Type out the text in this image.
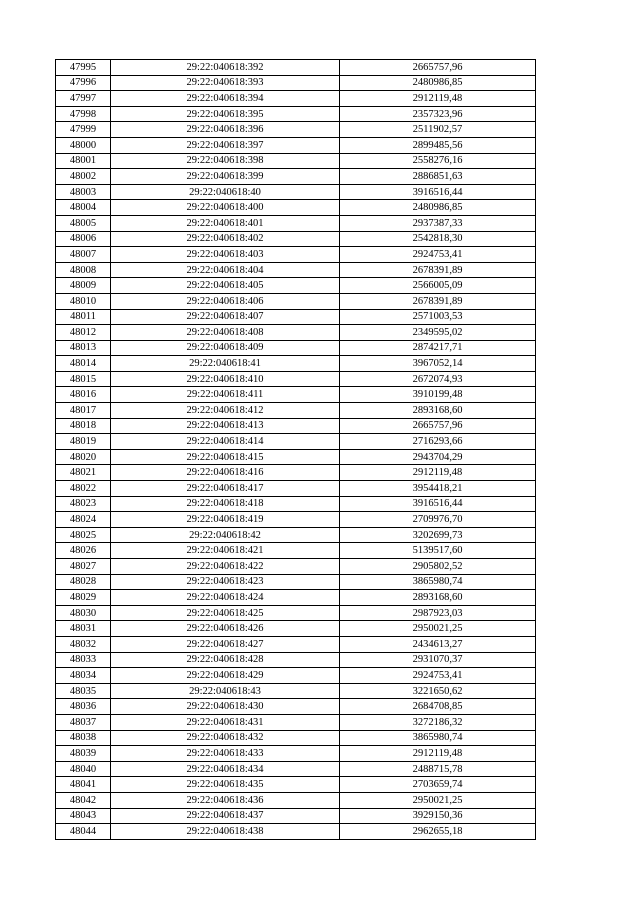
47995	29:22:040618:392	2665757,96
47996	29:22:040618:393	2480986,85
47997	29:22:040618:394	2912119,48
47998	29:22:040618:395	2357323,96
47999	29:22:040618:396	2511902,57
48000	29:22:040618:397	2899485,56
48001	29:22:040618:398	2558276,16
48002	29:22:040618:399	2886851,63
48003	29:22:040618:40	3916516,44
48004	29:22:040618:400	2480986,85
48005	29:22:040618:401	2937387,33
48006	29:22:040618:402	2542818,30
48007	29:22:040618:403	2924753,41
48008	29:22:040618:404	2678391,89
48009	29:22:040618:405	2566005,09
48010	29:22:040618:406	2678391,89
48011	29:22:040618:407	2571003,53
48012	29:22:040618:408	2349595,02
48013	29:22:040618:409	2874217,71
48014	29:22:040618:41	3967052,14
48015	29:22:040618:410	2672074,93
48016	29:22:040618:411	3910199,48
48017	29:22:040618:412	2893168,60
48018	29:22:040618:413	2665757,96
48019	29:22:040618:414	2716293,66
48020	29:22:040618:415	2943704,29
48021	29:22:040618:416	2912119,48
48022	29:22:040618:417	3954418,21
48023	29:22:040618:418	3916516,44
48024	29:22:040618:419	2709976,70
48025	29:22:040618:42	3202699,73
48026	29:22:040618:421	5139517,60
48027	29:22:040618:422	2905802,52
48028	29:22:040618:423	3865980,74
48029	29:22:040618:424	2893168,60
48030	29:22:040618:425	2987923,03
48031	29:22:040618:426	2950021,25
48032	29:22:040618:427	2434613,27
48033	29:22:040618:428	2931070,37
48034	29:22:040618:429	2924753,41
48035	29:22:040618:43	3221650,62
48036	29:22:040618:430	2684708,85
48037	29:22:040618:431	3272186,32
48038	29:22:040618:432	3865980,74
48039	29:22:040618:433	2912119,48
48040	29:22:040618:434	2488715,78
48041	29:22:040618:435	2703659,74
48042	29:22:040618:436	2950021,25
48043	29:22:040618:437	3929150,36
48044	29:22:040618:438	2962655,18
